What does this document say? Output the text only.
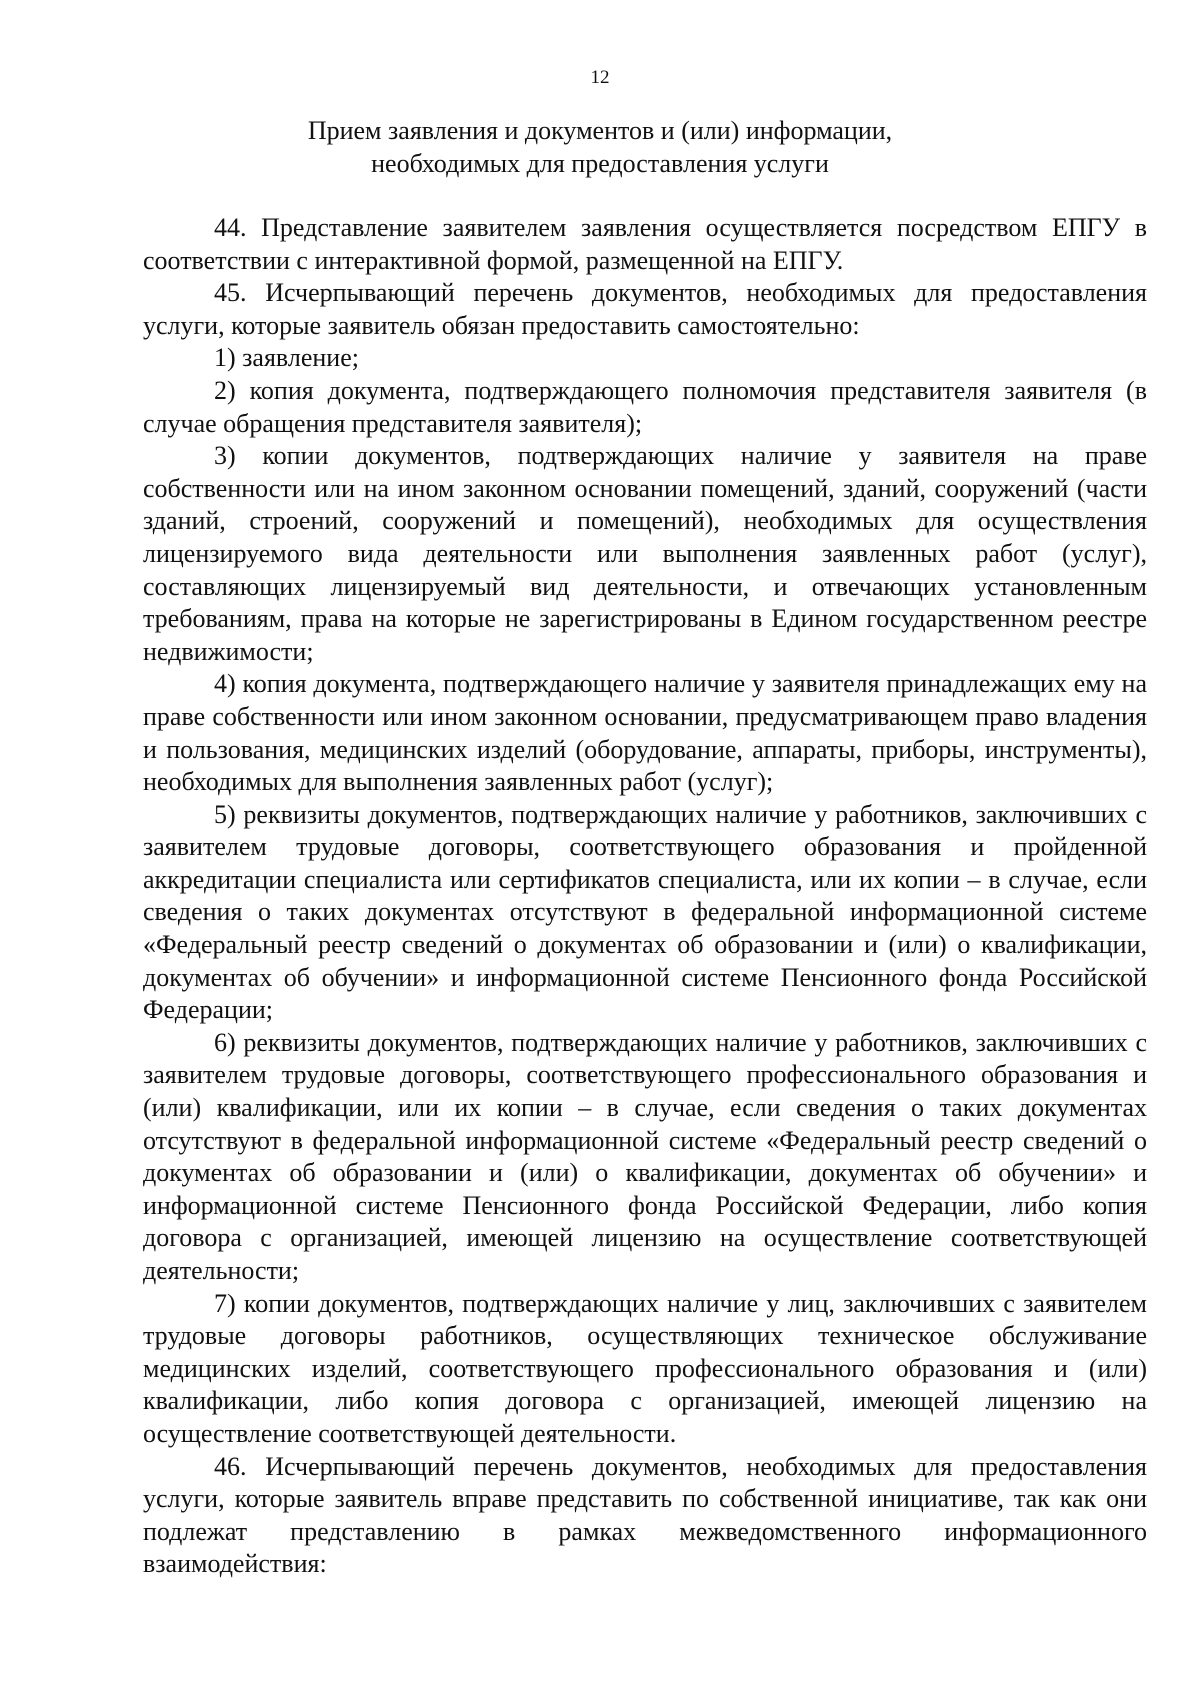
12
Прием заявления и документов и (или) информации,
необходимых для предоставления услуги

44. Представление заявителем заявления осуществляется посредством ЕПГУ в соответствии с интерактивной формой, размещенной на ЕПГУ.

45. Исчерпывающий перечень документов, необходимых для предоставления услуги, которые заявитель обязан предоставить самостоятельно:

1) заявление;

2) копия документа, подтверждающего полномочия представителя заявителя (в случае обращения представителя заявителя);

3) копии документов, подтверждающих наличие у заявителя на праве собственности или на ином законном основании помещений, зданий, сооружений (части зданий, строений, сооружений и помещений), необходимых для осуществления лицензируемого вида деятельности или выполнения заявленных работ (услуг), составляющих лицензируемый вид деятельности, и отвечающих установленным требованиям, права на которые не зарегистрированы в Едином государственном реестре недвижимости;

4) копия документа, подтверждающего наличие у заявителя принадлежащих ему на праве собственности или ином законном основании, предусматривающем право владения и пользования, медицинских изделий (оборудование, аппараты, приборы, инструменты), необходимых для выполнения заявленных работ (услуг);

5) реквизиты документов, подтверждающих наличие у работников, заключивших с заявителем трудовые договоры, соответствующего образования и пройденной аккредитации специалиста или сертификатов специалиста, или их копии – в случае, если сведения о таких документах отсутствуют в федеральной информационной системе «Федеральный реестр сведений о документах об образовании и (или) о квалификации, документах об обучении» и информационной системе Пенсионного фонда Российской Федерации;

6) реквизиты документов, подтверждающих наличие у работников, заключивших с заявителем трудовые договоры, соответствующего профессионального образования и (или) квалификации, или их копии – в случае, если сведения о таких документах отсутствуют в федеральной информационной системе «Федеральный реестр сведений о документах об образовании и (или) о квалификации, документах об обучении» и информационной системе Пенсионного фонда Российской Федерации, либо копия договора с организацией, имеющей лицензию на осуществление соответствующей деятельности;

7) копии документов, подтверждающих наличие у лиц, заключивших с заявителем трудовые договоры работников, осуществляющих техническое обслуживание медицинских изделий, соответствующего профессионального образования и (или) квалификации, либо копия договора с организацией, имеющей лицензию на осуществление соответствующей деятельности.

46. Исчерпывающий перечень документов, необходимых для предоставления услуги, которые заявитель вправе представить по собственной инициативе, так как они подлежат представлению в рамках межведомственного информационного взаимодействия:
